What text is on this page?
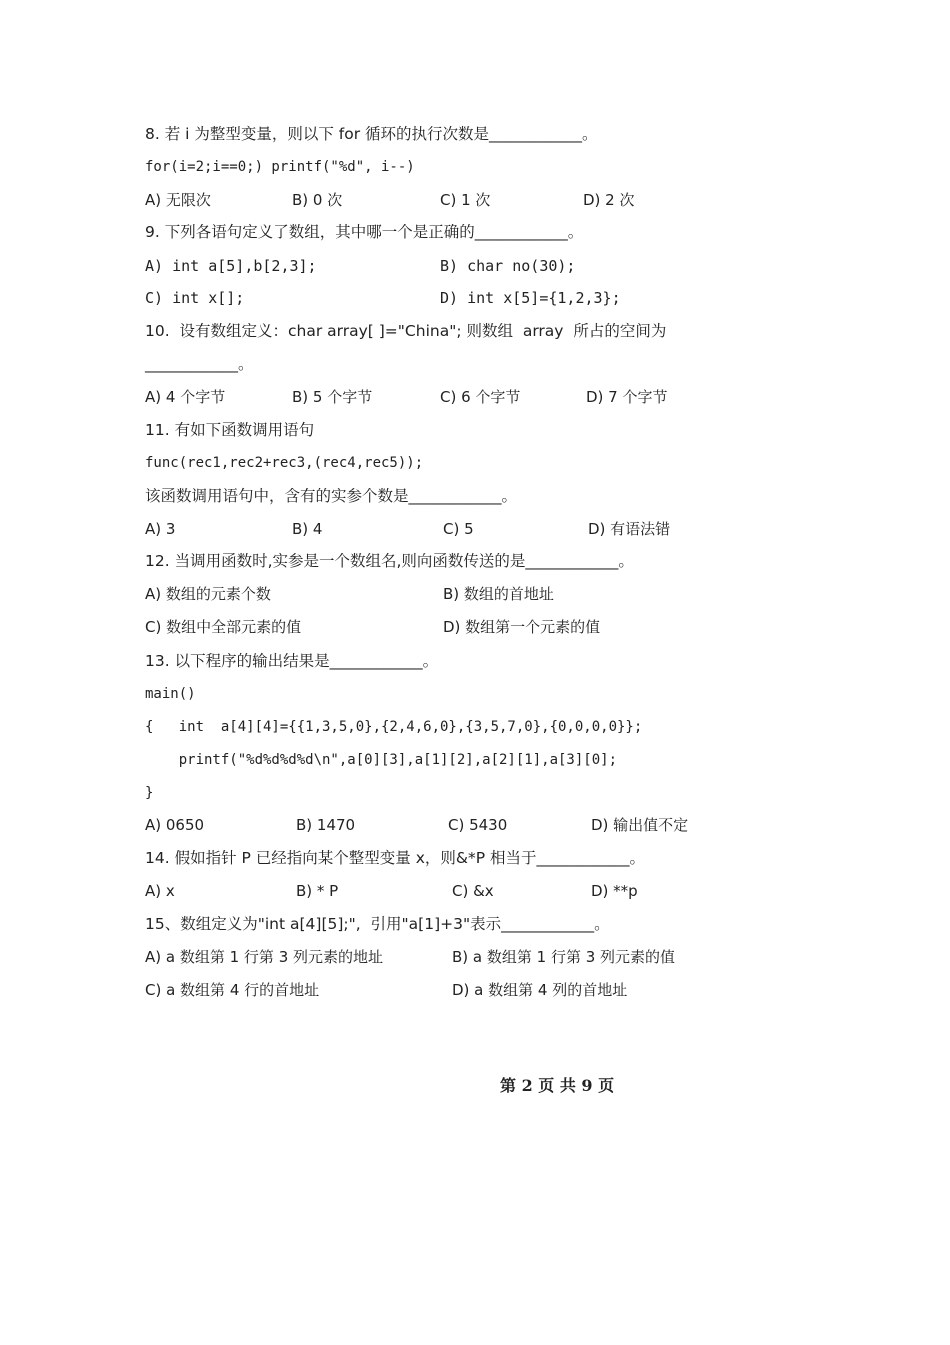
8. 若 i 为整型变量，则以下 for 循环的执行次数是____________。
for(i=2;i==0;) printf("%d", i--)
A) 无限次	B) 0 次	C) 1 次	D) 2 次
9. 下列各语句定义了数组，其中哪一个是正确的____________。
A) int a[5],b[2,3];	B) char no(30);
C) int x[];	D) int x[5]={1,2,3};
10.  设有数组定义：char array[ ]="China"; 则数组  array  所占的空间为
____________。
A) 4 个字节	B) 5 个字节	C) 6 个字节	D) 7 个字节
11. 有如下函数调用语句
func(rec1,rec2+rec3,(rec4,rec5));
该函数调用语句中，含有的实参个数是____________。
A) 3	B) 4	C) 5	D) 有语法错
12. 当调用函数时,实参是一个数组名,则向函数传送的是____________。
A) 数组的元素个数	B) 数组的首地址
C) 数组中全部元素的值	D) 数组第一个元素的值
13. 以下程序的输出结果是____________。
main()
{   int  a[4][4]={{1,3,5,0},{2,4,6,0},{3,5,7,0},{0,0,0,0}};
printf("%d%d%d%d\n",a[0][3],a[1][2],a[2][1],a[3][0];
}
A) 0650	B) 1470	C) 5430	D) 输出值不定
14. 假如指针 P 已经指向某个整型变量 x，则&*P 相当于____________。
A) x	B) * P	C) &x	D) **p
15、数组定义为"int a[4][5];",  引用"a[1]+3"表示____________。
A) a 数组第 1 行第 3 列元素的地址	B) a 数组第 1 行第 3 列元素的值
C) a 数组第 4 行的首地址	D) a 数组第 4 列的首地址
第 2 页 共 9 页
